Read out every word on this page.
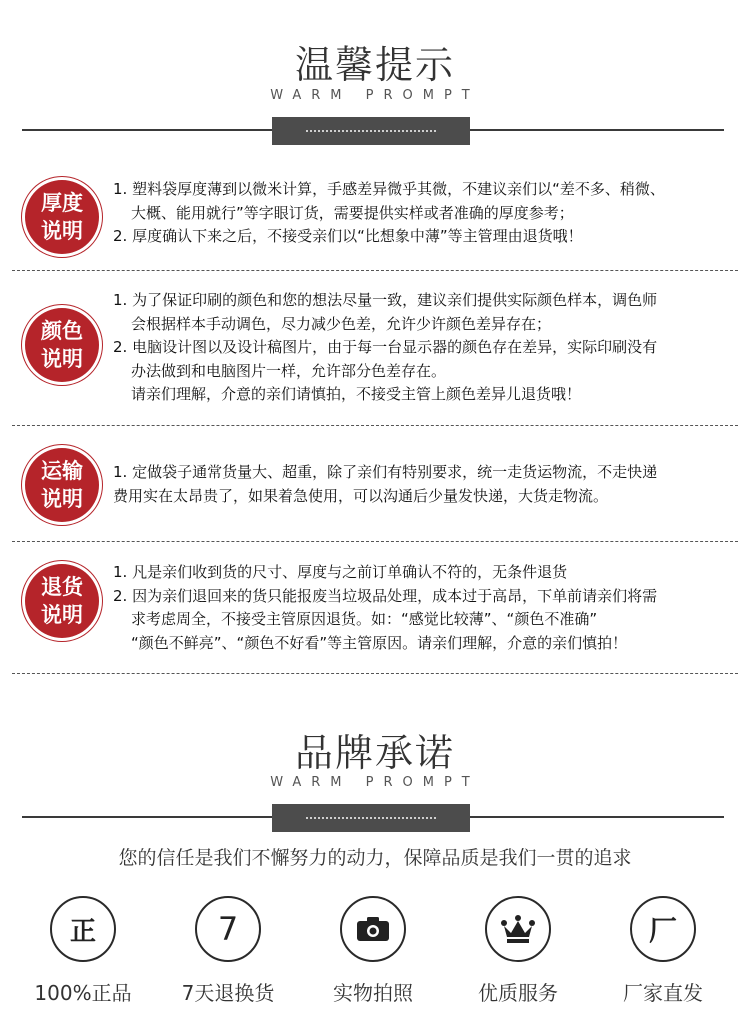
温馨提示
WARM PROMPT
厚度
说明
1. 塑料袋厚度薄到以微米计算，手感差异微乎其微，不建议亲们以“差不多、稍微、
大概、能用就行”等字眼订货，需要提供实样或者准确的厚度参考；
2. 厚度确认下来之后，不接受亲们以“比想象中薄”等主管理由退货哦！
颜色
说明
1. 为了保证印刷的颜色和您的想法尽量一致，建议亲们提供实际颜色样本，调色师
会根据样本手动调色，尽力减少色差，允许少许颜色差异存在；
2. 电脑设计图以及设计稿图片，由于每一台显示器的颜色存在差异，实际印刷没有
办法做到和电脑图片一样，允许部分色差存在。
请亲们理解，介意的亲们请慎拍，不接受主管上颜色差异儿退货哦！
运输
说明
1. 定做袋子通常货量大、超重，除了亲们有特别要求，统一走货运物流，不走快递
费用实在太昂贵了，如果着急使用，可以沟通后少量发快递，大货走物流。
退货
说明
1. 凡是亲们收到货的尺寸、厚度与之前订单确认不符的，无条件退货
2. 因为亲们退回来的货只能报废当垃圾品处理，成本过于高昂，下单前请亲们将需
求考虑周全，不接受主管原因退货。如：“感觉比较薄”、“颜色不准确”
“颜色不鲜亮”、“颜色不好看”等主管原因。请亲们理解，介意的亲们慎拍！
品牌承诺
WARM PROMPT
您的信任是我们不懈努力的动力，保障品质是我们一贯的追求
正
100%正品
7
7天退换货	实物拍照	优质服务
厂
厂家直发
